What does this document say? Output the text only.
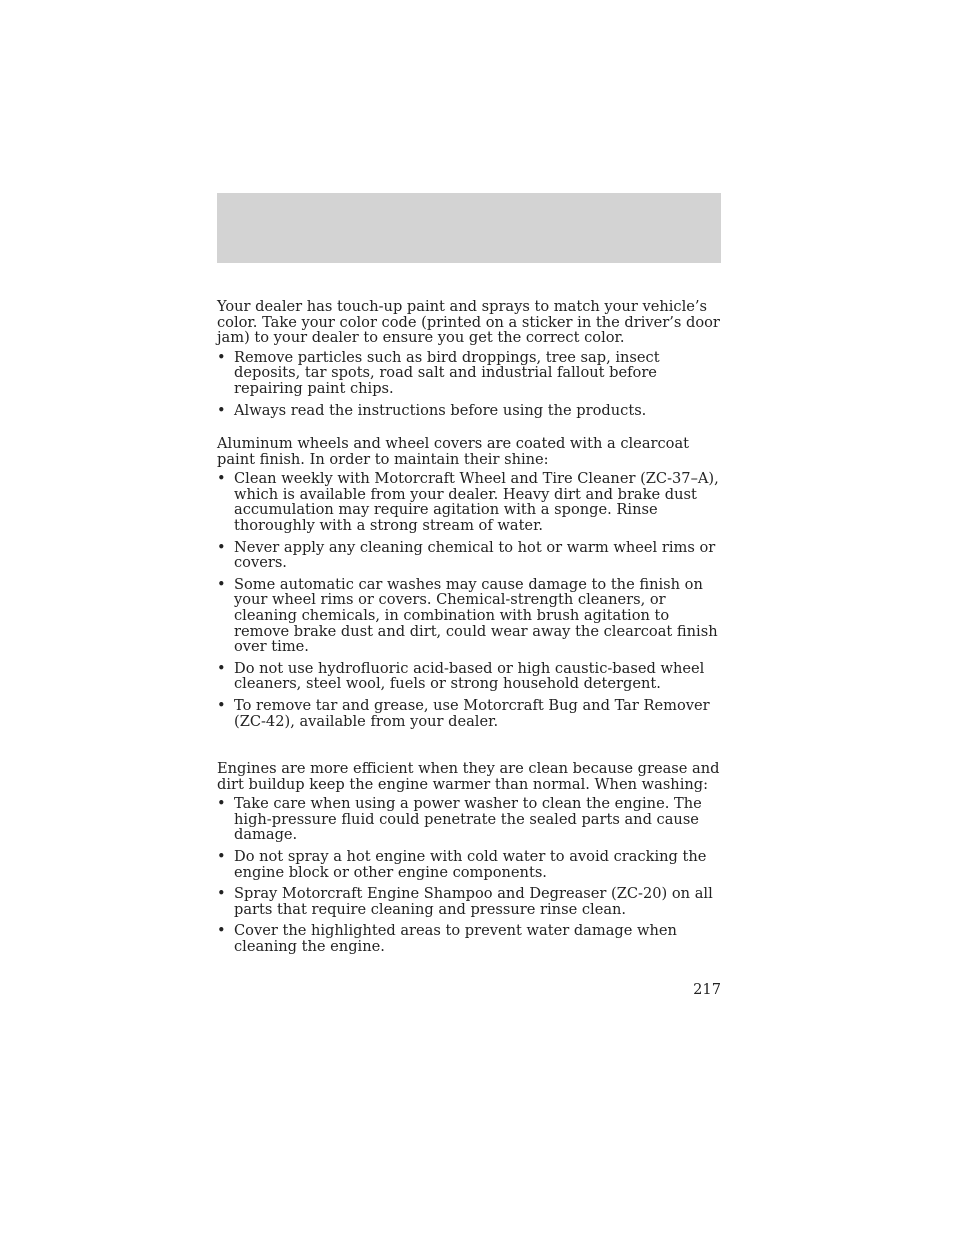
Your dealer has touch-up paint and sprays to match your vehicle’s color. Take your color code (printed on a sticker in the driver’s door jam) to your dealer to ensure you get the correct color.

• Remove particles such as bird droppings, tree sap, insect deposits, tar spots, road salt and industrial fallout before repairing paint chips.
• Always read the instructions before using the products.

Aluminum wheels and wheel covers are coated with a clearcoat paint finish. In order to maintain their shine:

• Clean weekly with Motorcraft Wheel and Tire Cleaner (ZC-37–A), which is available from your dealer. Heavy dirt and brake dust accumulation may require agitation with a sponge. Rinse thoroughly with a strong stream of water.
• Never apply any cleaning chemical to hot or warm wheel rims or covers.
• Some automatic car washes may cause damage to the finish on your wheel rims or covers. Chemical-strength cleaners, or cleaning chemicals, in combination with brush agitation to remove brake dust and dirt, could wear away the clearcoat finish over time.
• Do not use hydrofluoric acid-based or high caustic-based wheel cleaners, steel wool, fuels or strong household detergent.
• To remove tar and grease, use Motorcraft Bug and Tar Remover (ZC-42), available from your dealer.

Engines are more efficient when they are clean because grease and dirt buildup keep the engine warmer than normal. When washing:

• Take care when using a power washer to clean the engine. The high-pressure fluid could penetrate the sealed parts and cause damage.
• Do not spray a hot engine with cold water to avoid cracking the engine block or other engine components.
• Spray Motorcraft Engine Shampoo and Degreaser (ZC-20) on all parts that require cleaning and pressure rinse clean.
• Cover the highlighted areas to prevent water damage when cleaning the engine.
217
